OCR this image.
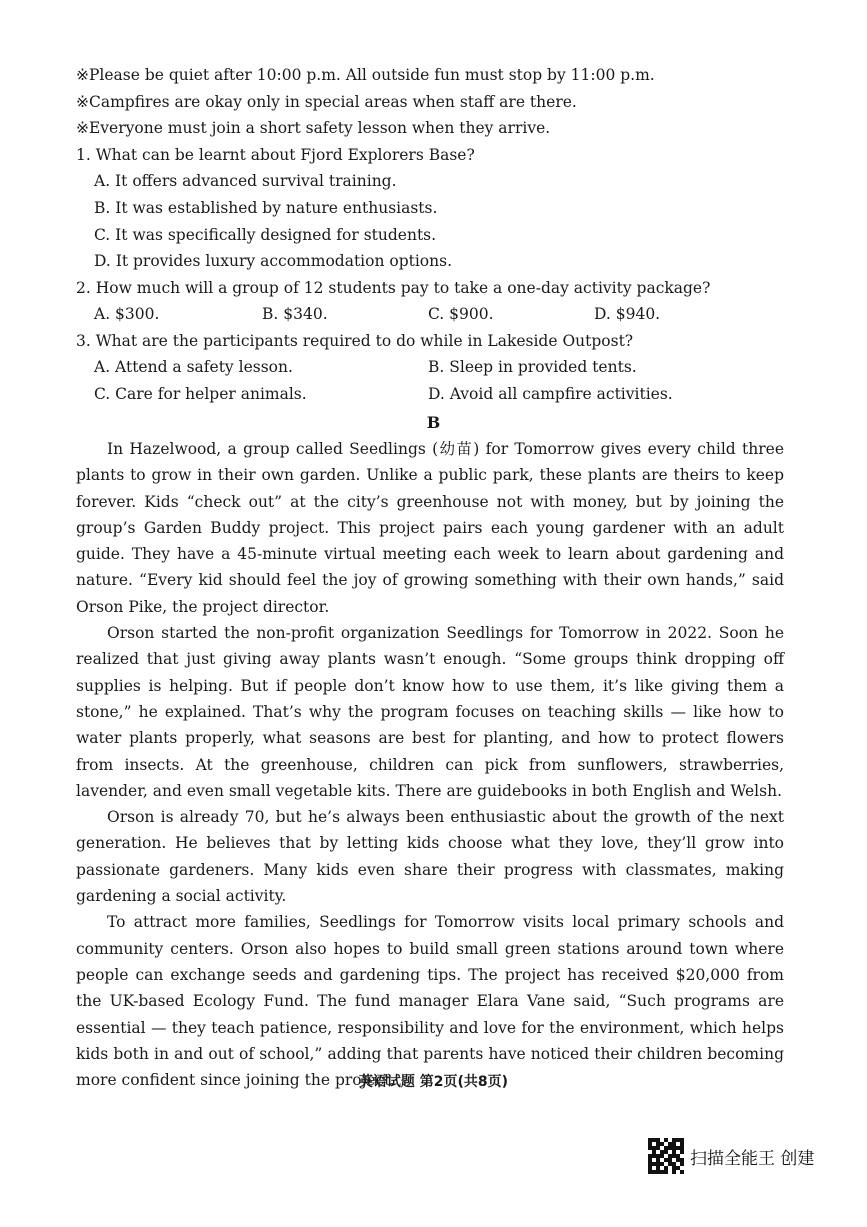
※Please be quiet after 10:00 p.m. All outside fun must stop by 11:00 p.m.
※Campfires are okay only in special areas when staff are there.
※Everyone must join a short safety lesson when they arrive.
1. What can be learnt about Fjord Explorers Base?
A. It offers advanced survival training.
B. It was established by nature enthusiasts.
C. It was specifically designed for students.
D. It provides luxury accommodation options.
2. How much will a group of 12 students pay to take a one-day activity package?
A. $300.	B. $340.	C. $900.	D. $940.
3. What are the participants required to do while in Lakeside Outpost?
A. Attend a safety lesson.	B. Sleep in provided tents.
C. Care for helper animals.	D. Avoid all campfire activities.
B

In Hazelwood, a group called Seedlings (幼苗) for Tomorrow gives every child three plants to grow in their own garden. Unlike a public park, these plants are theirs to keep forever. Kids “check out” at the city’s greenhouse not with money, but by joining the group’s Garden Buddy project. This project pairs each young gardener with an adult guide. They have a 45-minute virtual meeting each week to learn about gardening and nature. “Every kid should feel the joy of growing something with their own hands,” said Orson Pike, the project director.

Orson started the non-profit organization Seedlings for Tomorrow in 2022. Soon he realized that just giving away plants wasn’t enough. “Some groups think dropping off supplies is helping. But if people don’t know how to use them, it’s like giving them a stone,” he explained. That’s why the program focuses on teaching skills — like how to water plants properly, what seasons are best for planting, and how to protect flowers from insects. At the greenhouse, children can pick from sunflowers, strawberries, lavender, and even small vegetable kits. There are guidebooks in both English and Welsh.

Orson is already 70, but he’s always been enthusiastic about the growth of the next generation. He believes that by letting kids choose what they love, they’ll grow into passionate gardeners. Many kids even share their progress with classmates, making gardening a social activity.

To attract more families, Seedlings for Tomorrow visits local primary schools and community centers. Orson also hopes to build small green stations around town where people can exchange seeds and gardening tips. The project has received $20,000 from the UK-based Ecology Fund. The fund manager Elara Vane said, “Such programs are essential — they teach patience, responsibility and love for the environment, which helps kids both in and out of school,” adding that parents have noticed their children becoming more confident since joining the project.

英语试题 第2页(共8页)
扫描全能王 创建
